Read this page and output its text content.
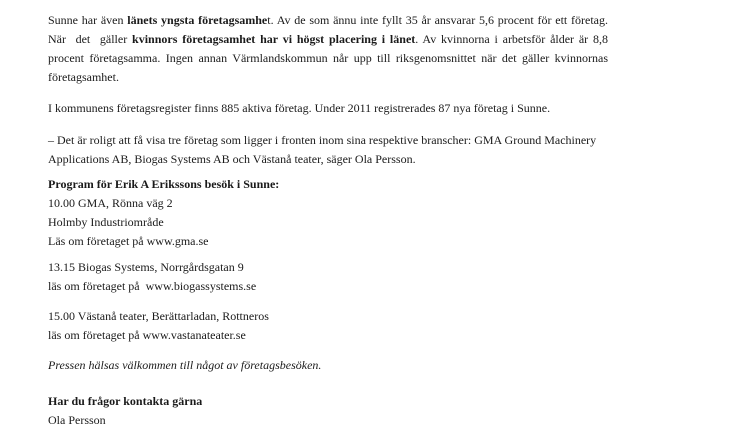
Sunne har även länets yngsta företagsamhet. Av de som ännu inte fyllt 35 år ansvarar 5,6 procent för ett företag. När  det  gäller kvinnors företagsamhet har vi högst placering i länet. Av kvinnorna i arbetsför ålder är 8,8 procent företagsamma. Ingen annan Värmlandskommun når upp till riksgenomsnittet när det gäller kvinnornas företagsamhet.

I kommunens företagsregister finns 885 aktiva företag. Under 2011 registrerades 87 nya företag i Sunne.

– Det är roligt att få visa tre företag som ligger i fronten inom sina respektive branscher: GMA Ground Machinery Applications AB, Biogas Systems AB och Västanå teater, säger Ola Persson.

Program för Erik A Erikssons besök i Sunne:

10.00 GMA, Rönna väg 2

Holmby Industriområde

Läs om företaget på www.gma.se

13.15 Biogas Systems, Norrgårdsgatan 9

läs om företaget på  www.biogassystems.se

15.00 Västanå teater, Berättarladan, Rottneros

läs om företaget på www.vastanateater.se

Pressen hälsas välkommen till något av företagsbesöken.

Har du frågor kontakta gärna

Ola Persson
